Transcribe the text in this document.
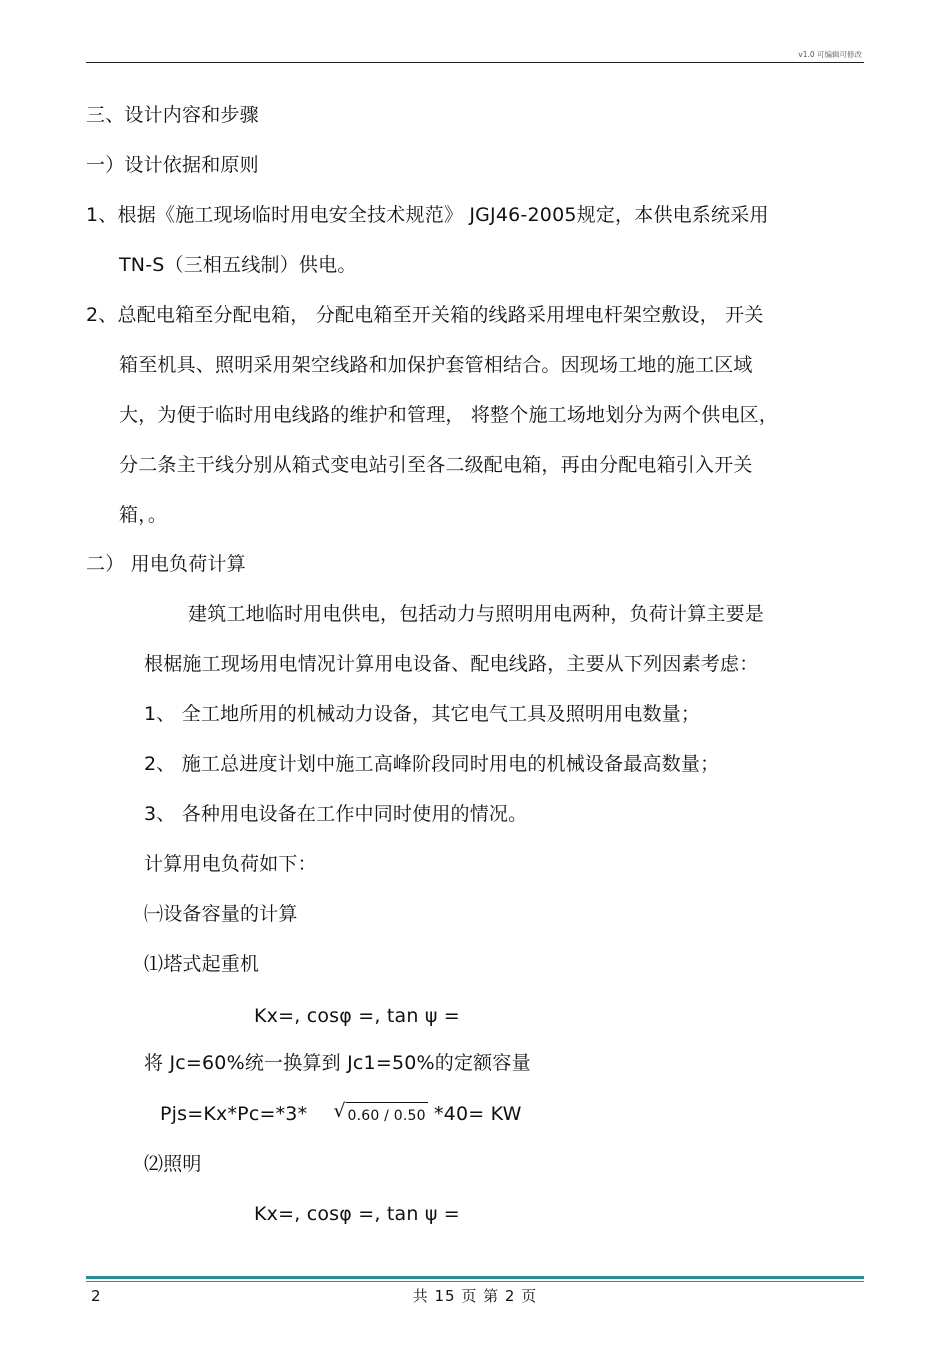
v1.0 可编辑可修改
三、设计内容和步骤
一）设计依据和原则
1、根据《施工现场临时用电安全技术规范》 JGJ46-2005规定，本供电系统采用
TN-S（三相五线制）供电。
2、总配电箱至分配电箱， 分配电箱至开关箱的线路采用埋电杆架空敷设， 开关
箱至机具、照明采用架空线路和加保护套管相结合。因现场工地的施工区域
大，为便于临时用电线路的维护和管理， 将整个施工场地划分为两个供电区，
分二条主干线分别从箱式变电站引至各二级配电箱，再由分配电箱引入开关
箱，。
二） 用电负荷计算
建筑工地临时用电供电，包括动力与照明用电两种，负荷计算主要是
根椐施工现场用电情况计算用电设备、配电线路，主要从下列因素考虑：
1、 全工地所用的机械动力设备，其它电气工具及照明用电数量；
2、 施工总进度计划中施工高峰阶段同时用电的机械设备最高数量；
3、 各种用电设备在工作中同时使用的情况。
计算用电负荷如下：
㈠设备容量的计算
⑴塔式起重机
Kx=, cosφ =, tan ψ =
将 Jc=60%统一换算到 Jc1=50%的定额容量
Pjs=Kx*Pc=*3* √ 0.60 / 0.50 *40= KW
⑵照明
Kx=, cosφ =, tan ψ =
2	共 15 页 第 2 页
